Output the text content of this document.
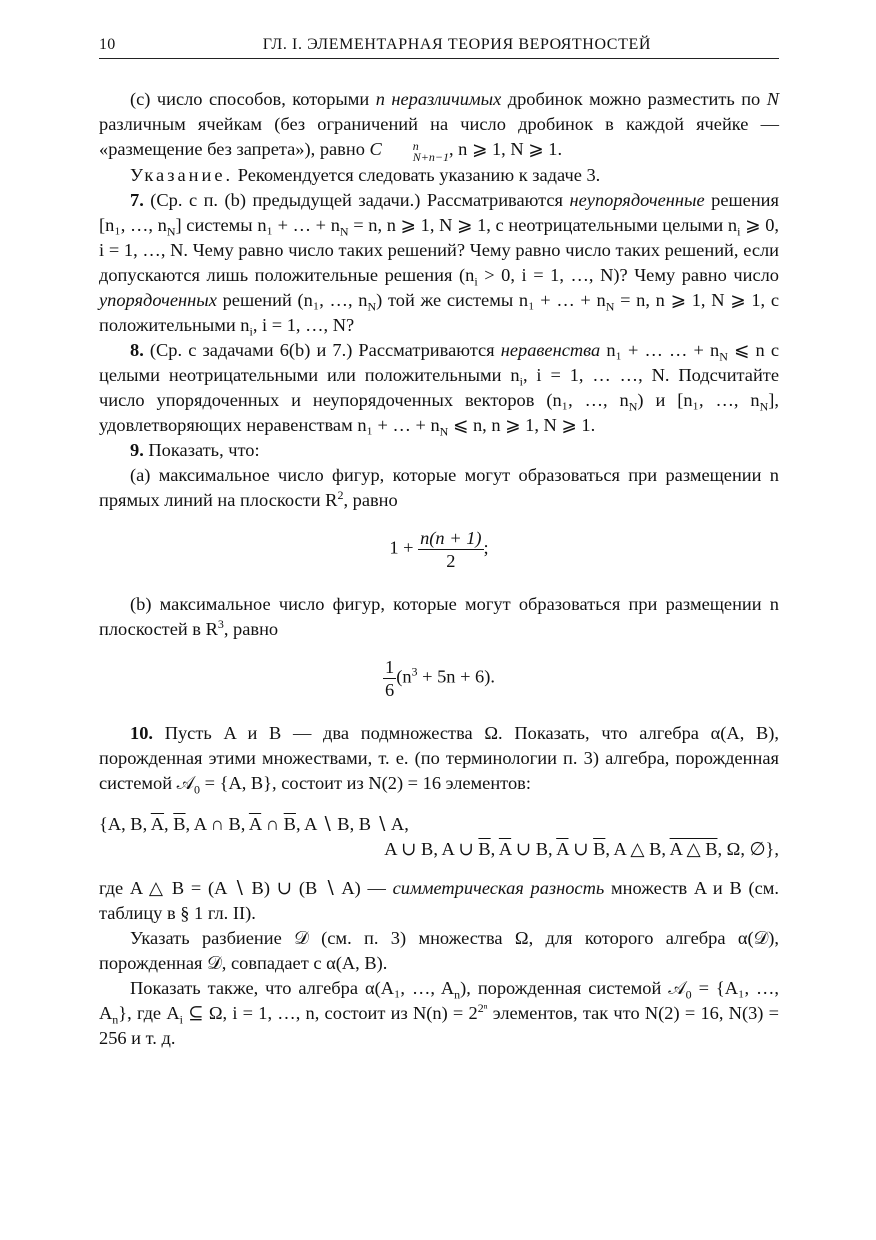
10	ГЛ. I. ЭЛЕМЕНТАРНАЯ ТЕОРИЯ ВЕРОЯТНОСТЕЙ

(c) число способов, которыми n неразличимых дробинок можно разместить по N различным ячейкам (без ограничений на число дробинок в каждой ячейке — «размещение без запрета»), равно C	n
N+n−1 , n ⩾ 1, N ⩾ 1.

Указание. Рекомендуется следовать указанию к задаче 3.

7. (Ср. с п. (b) предыдущей задачи.) Рассматриваются неупорядоченные решения [n₁, …, $n_N$] системы n₁ + … + $n_N = n$, n ⩾ 1, N ⩾ 1, с неотрицательными целыми $n_i$ ⩾ 0, i = 1, …, N. Чему равно число таких решений? Чему равно число таких решений, если допускаются лишь положительные решения ($n_i > 0$, i = 1, …, N)? Чему равно число упорядоченных решений (n₁, …, $n_N$) той же системы n₁ + … + $n_N = n$, n ⩾ 1, N ⩾ 1, с положительными $n_i$, i = 1, …, N?

8. (Ср. с задачами 6(b) и 7.) Рассматриваются неравенства n₁ + … … + $n_N$ ⩽ n с целыми неотрицательными или положительными $n_i$, i = 1, … …, N. Подсчитайте число упорядоченных и неупорядоченных векторов (n₁, …, $n_N$) и [n₁, …, $n_N$], удовлетворяющих неравенствам n₁ + … + $n_N$ ⩽ n, n ⩾ 1, N ⩾ 1.

9. Показать, что:

(a) максимальное число фигур, которые могут образоваться при размещении n прямых линий на плоскости $R^2$, равно

$1 + \frac{n(n + 1)}{2}$ ;

(b) максимальное число фигур, которые могут образоваться при размещении n плоскостей в $R^3$, равно

$\frac{1}{6} (n^3 + 5n + 6)$.

10. Пусть A и B — два подмножества Ω. Показать, что алгебра α(A, B), порожденная этими множествами, т. е. (по терминологии п. 3) алгебра, порожденная системой 𝒜$_0$ = {A, B}, состоит из N(2) = 16 элементов:

{A, B, $\overline{A}$, $\overline{B}$, A ∩ B, $\overline{A}$ ∩ $\overline{B}$, A ∖ B, B ∖ A,

A ∪ B, A ∪ $\overline{B}$, $\overline{A}$ ∪ B, $\overline{A}$ ∪ $\overline{B}$, A △ B, A △ B, Ω, ∅},

где A △ B = (A ∖ B) ∪ (B ∖ A) — симметрическая разность множеств A и B (см. таблицу в § 1 гл. II).

Указать разбиение 𝒟 (см. п. 3) множества Ω, для которого алгебра α(𝒟), порожденная 𝒟, совпадает с α(A, B).

Показать также, что алгебра α(A₁, …, $A_n$), порожденная системой 𝒜$_0$ = {A₁, …, $A_n$}, где $A_i$ ⊆ Ω, i = 1, …, n, состоит из $N(n) = 2^{2^n}$ элементов, так что N(2) = 16, N(3) = 256 и т. д.
